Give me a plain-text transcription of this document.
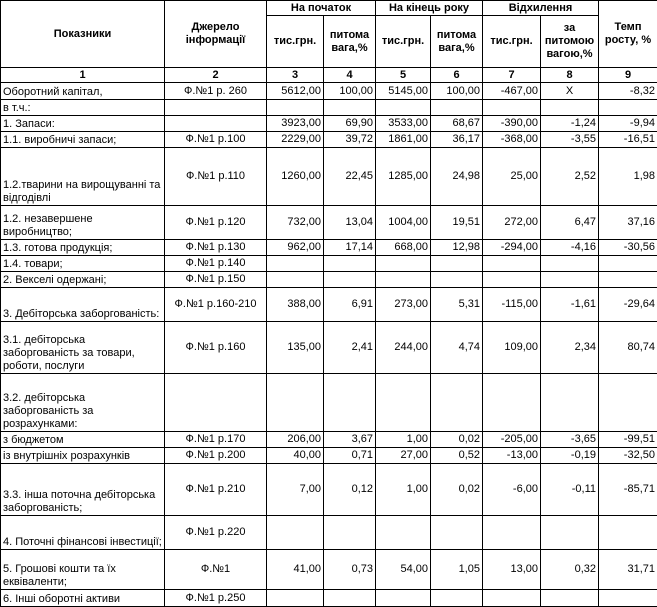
Показники	Джерело інформації	На початок		На кінець року		Відхилення		Темп росту, %
		тис.грн.	питома вага,%	тис.грн.	питома вага,%	тис.грн.	за питомою вагою,%	
1	2	3	4	5	6	7	8	9
Оборотний капітал,	Ф.№1 р. 260	5612,00	100,00	5145,00	100,00	-467,00	X	-8,32
в т.ч.:								
1. Запаси:		3923,00	69,90	3533,00	68,67	-390,00	-1,24	-9,94
1.1. виробничі запаси;	Ф.№1 р.100	2229,00	39,72	1861,00	36,17	-368,00	-3,55	-16,51
1.2.тварини на вирощуванні та відгодівлі	Ф.№1 р.110	1260,00	22,45	1285,00	24,98	25,00	2,52	1,98
1.2. незавершене виробництво;	Ф.№1 р.120	732,00	13,04	1004,00	19,51	272,00	6,47	37,16
1.3. готова продукція;	Ф.№1 р.130	962,00	17,14	668,00	12,98	-294,00	-4,16	-30,56
1.4. товари;	Ф.№1 р.140							
2. Векселі одержані;	Ф.№1 р.150							
3. Дебіторська заборгованість:	Ф.№1 р.160-210	388,00	6,91	273,00	5,31	-115,00	-1,61	-29,64
3.1. дебіторська заборгованість за товари, роботи, послуги	Ф.№1 р.160	135,00	2,41	244,00	4,74	109,00	2,34	80,74
3.2. дебіторська заборгованість за розрахунками:								
з бюджетом	Ф.№1 р.170	206,00	3,67	1,00	0,02	-205,00	-3,65	-99,51
із внутрішніх розрахунків	Ф.№1 р.200	40,00	0,71	27,00	0,52	-13,00	-0,19	-32,50
3.3. інша поточна дебіторська заборгованість;	Ф.№1 р.210	7,00	0,12	1,00	0,02	-6,00	-0,11	-85,71
4. Поточні фінансові інвестиції;	Ф.№1 р.220							
5. Грошові кошти та їх еквіваленти;	Ф.№1	41,00	0,73	54,00	1,05	13,00	0,32	31,71
6. Інші оборотні активи	Ф.№1 р.250							
